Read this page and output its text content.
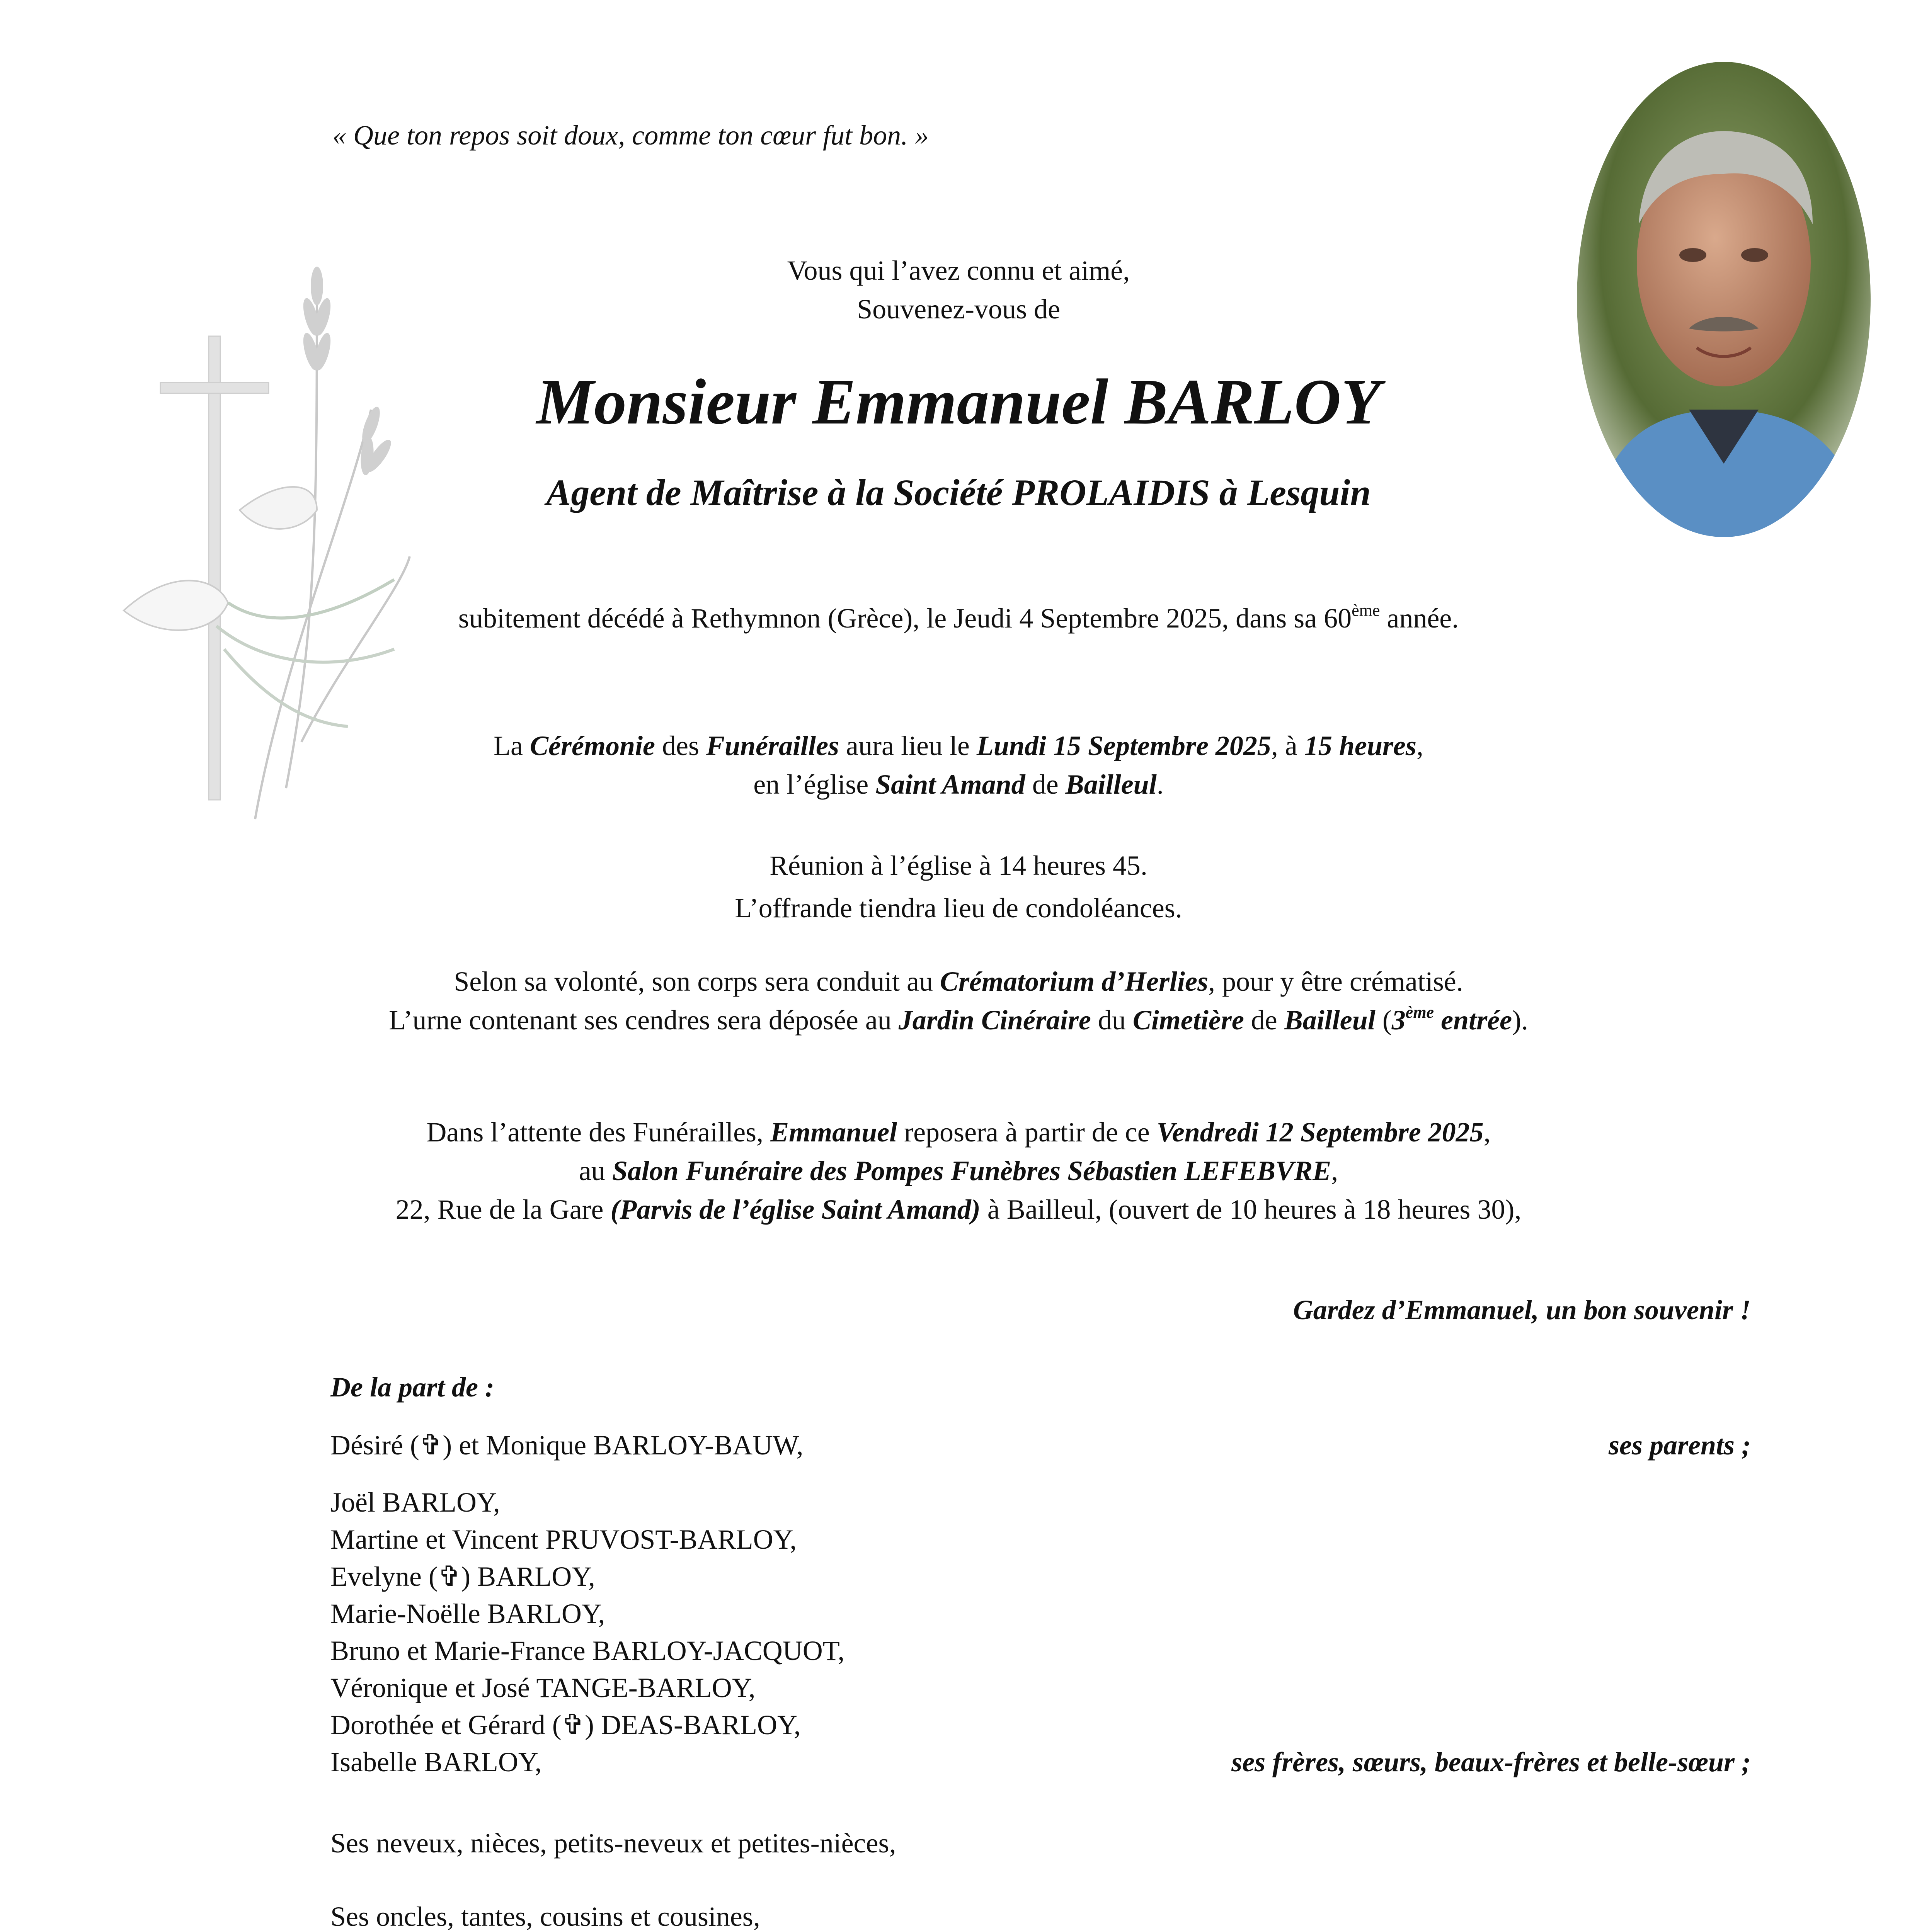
« Que ton repos soit doux, comme ton cœur fut bon. »
Vous qui l’avez connu et aimé,
Souvenez-vous de
Monsieur Emmanuel BARLOY
Agent de Maîtrise à la Société PROLAIDIS à Lesquin
subitement décédé à Rethymnon (Grèce), le Jeudi 4 Septembre 2025, dans sa 60ème année.
La Cérémonie des Funérailles aura lieu le Lundi 15 Septembre 2025, à 15 heures,
en l’église Saint Amand de Bailleul.
Réunion à l’église à 14 heures 45.
L’offrande tiendra lieu de condoléances.
Selon sa volonté, son corps sera conduit au Crématorium d’Herlies, pour y être crématisé.
L’urne contenant ses cendres sera déposée au Jardin Cinéraire du Cimetière de Bailleul (3ème entrée).
Dans l’attente des Funérailles, Emmanuel reposera à partir de ce Vendredi 12 Septembre 2025,
au Salon Funéraire des Pompes Funèbres Sébastien LEFEBVRE,
22, Rue de la Gare (Parvis de l’église Saint Amand) à Bailleul, (ouvert de 10 heures à 18 heures 30),
Gardez d’Emmanuel, un bon souvenir !
De la part de :
Désiré (✞) et Monique BARLOY-BAUW,	ses parents ;
Joël BARLOY,
Martine et Vincent PRUVOST-BARLOY,
Evelyne (✞) BARLOY,
Marie-Noëlle BARLOY,
Bruno et Marie-France BARLOY-JACQUOT,
Véronique et José TANGE-BARLOY,
Dorothée et Gérard (✞) DEAS-BARLOY,
Isabelle BARLOY,	ses frères, sœurs, beaux-frères et belle-sœur ;
Ses neveux, nièces, petits-neveux et petites-nièces,
Ses oncles, tantes, cousins et cousines,
